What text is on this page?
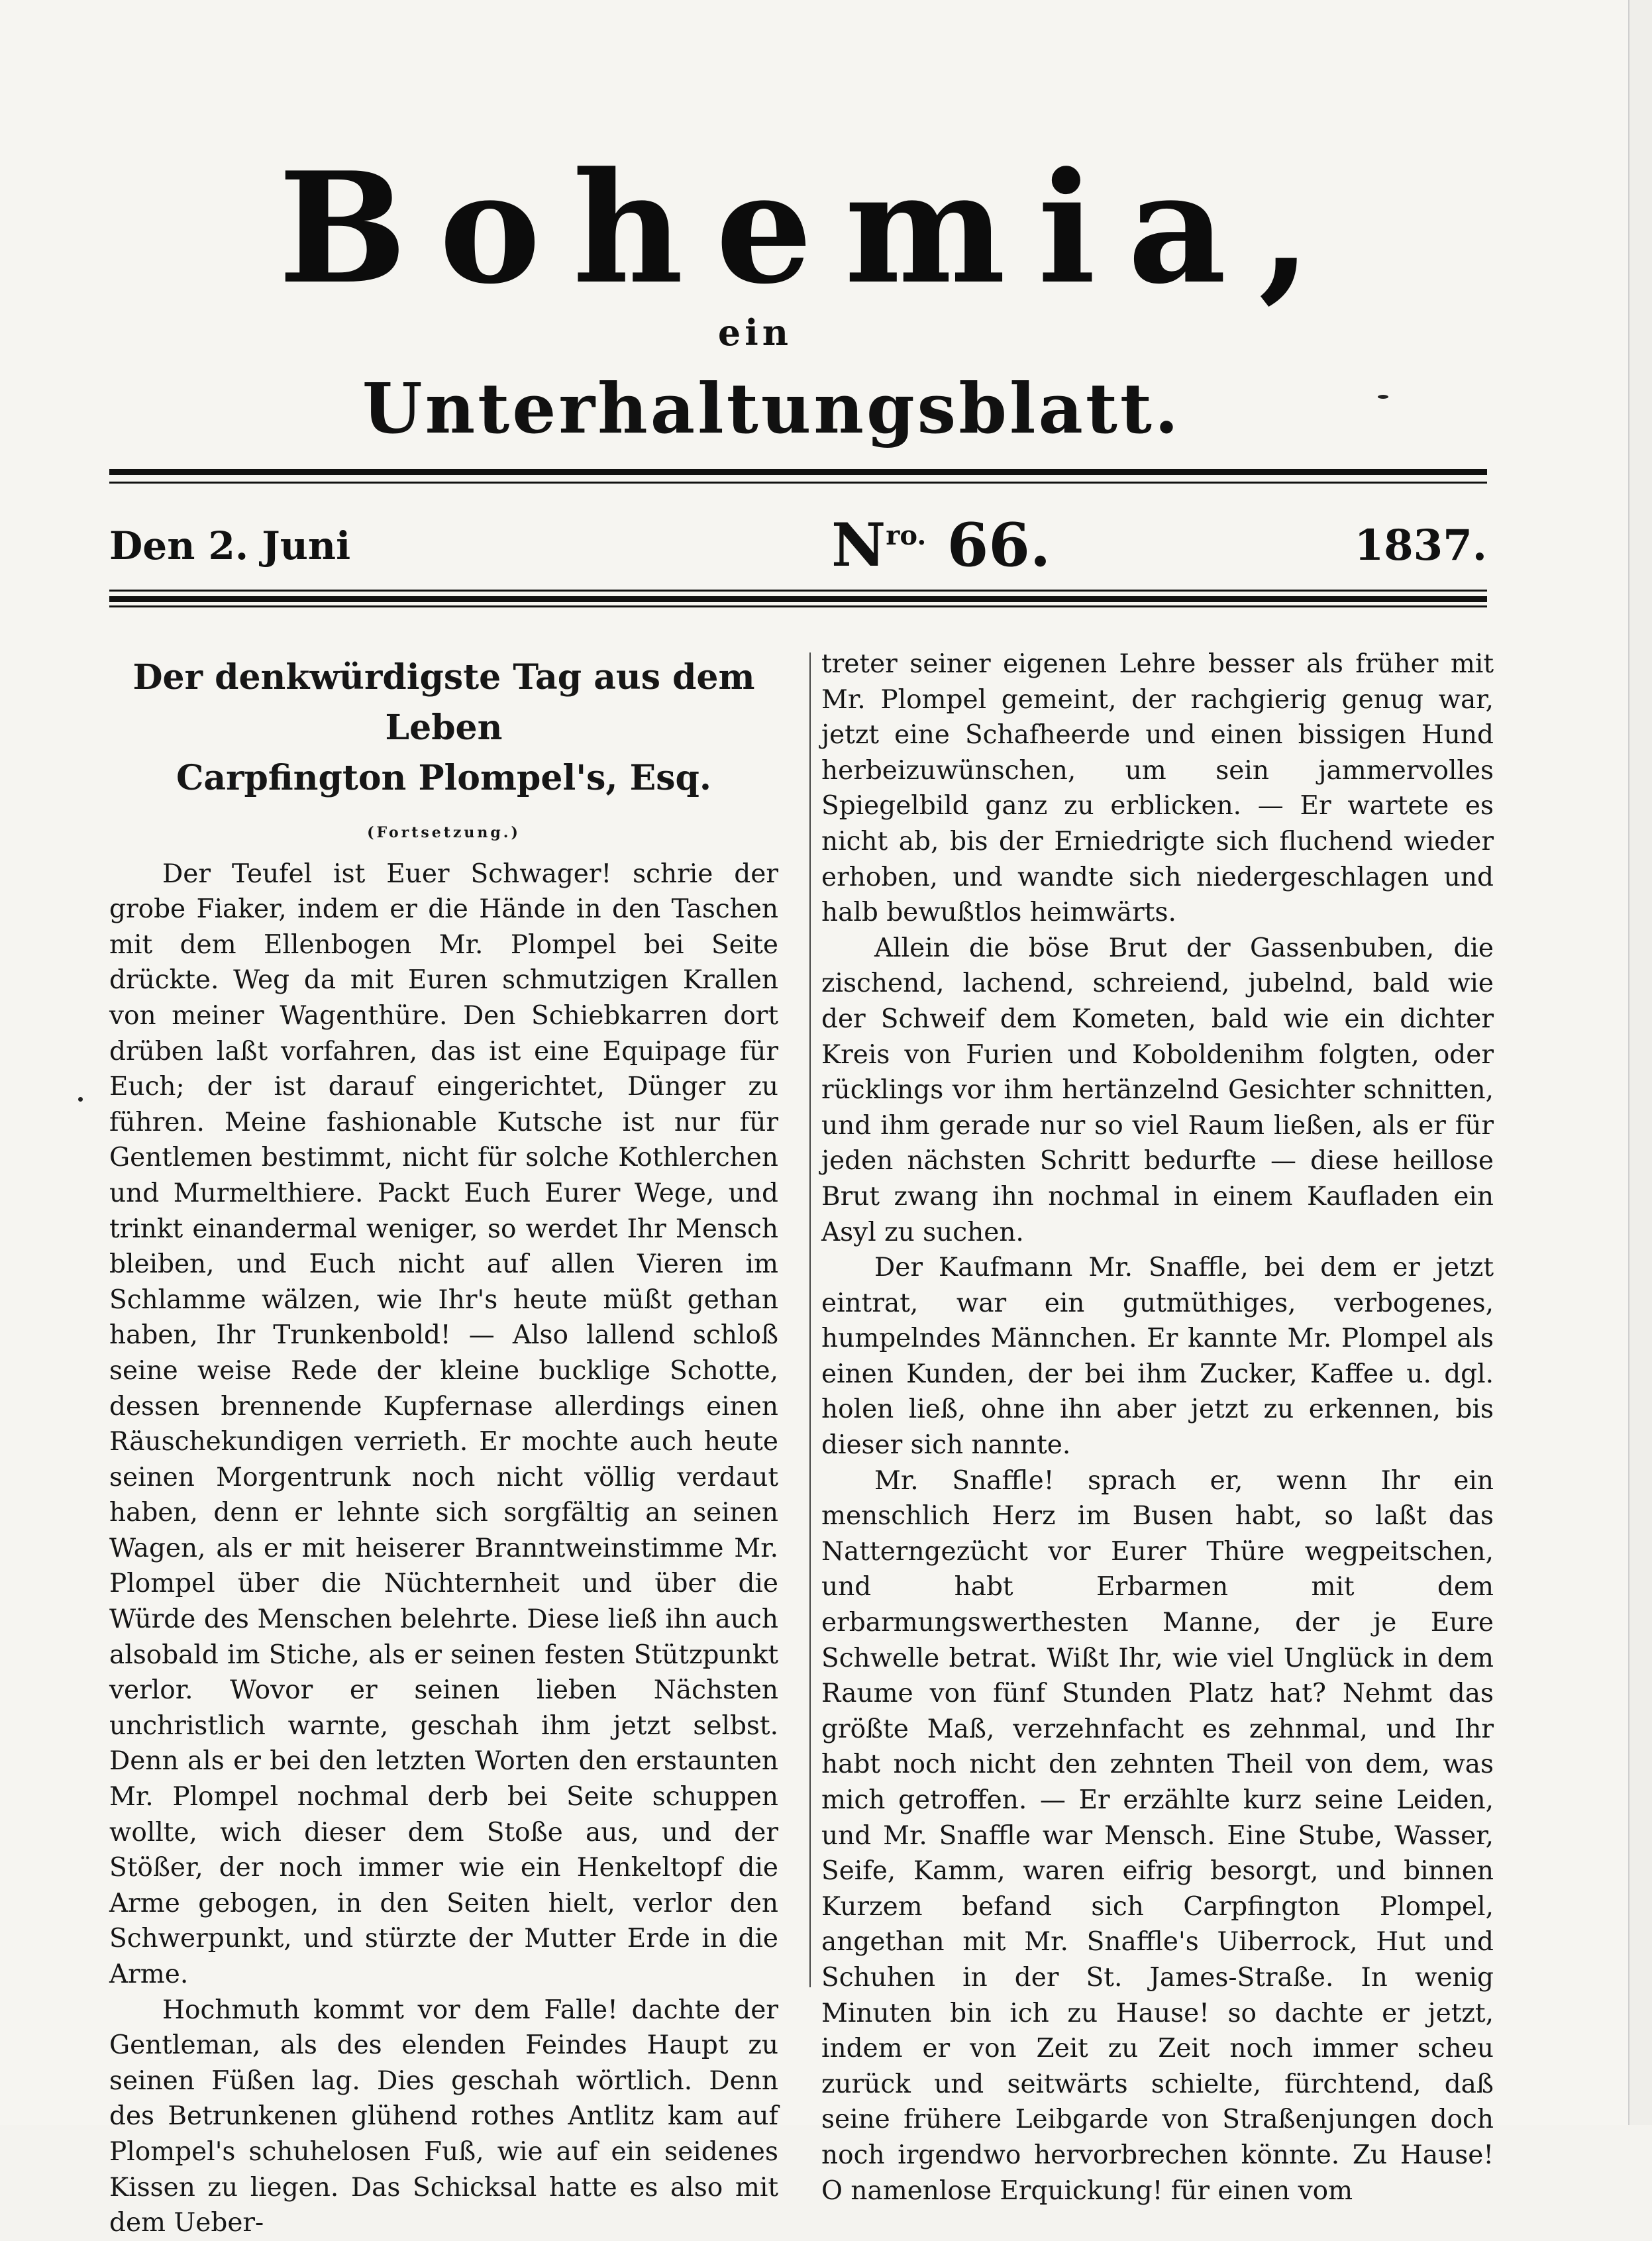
B o h e m i a ,
ein
Unterhaltungsblatt.
Den 2. Juni	$N^{ro.}$ 66.	1837.
Der denkwürdigste Tag aus dem Leben
Carpfington Plompel's, Esq.
(Fortsetzung.)

Der Teufel ist Euer Schwager! schrie der grobe Fiaker, indem er die Hände in den Taschen mit dem Ellenbogen Mr. Plompel bei Seite drückte. Weg da mit Euren schmutzigen Krallen von meiner Wagenthüre. Den Schiebkarren dort drüben laßt vorfahren, das ist eine Equipage für Euch; der ist darauf eingerichtet, Dünger zu führen. Meine fashionable Kutsche ist nur für Gentlemen bestimmt, nicht für solche Kothlerchen und Murmelthiere. Packt Euch Eurer Wege, und trinkt einandermal weniger, so werdet Ihr Mensch bleiben, und Euch nicht auf allen Vieren im Schlamme wälzen, wie Ihr's heute müßt gethan haben, Ihr Trunkenbold! — Also lallend schloß seine weise Rede der kleine bucklige Schotte, dessen brennende Kupfernase allerdings einen Räuschekundigen verrieth. Er mochte auch heute seinen Morgentrunk noch nicht völlig verdaut haben, denn er lehnte sich sorgfältig an seinen Wagen, als er mit heiserer Branntweinstimme Mr. Plompel über die Nüchternheit und über die Würde des Menschen belehrte. Diese ließ ihn auch alsobald im Stiche, als er seinen festen Stützpunkt verlor. Wovor er seinen lieben Nächsten unchristlich warnte, geschah ihm jetzt selbst. Denn als er bei den letzten Worten den erstaunten Mr. Plompel nochmal derb bei Seite schuppen wollte, wich dieser dem Stoße aus, und der Stößer, der noch immer wie ein Henkeltopf die Arme gebogen, in den Seiten hielt, verlor den Schwerpunkt, und stürzte der Mutter Erde in die Arme.

Hochmuth kommt vor dem Falle! dachte der Gentleman, als des elenden Feindes Haupt zu seinen Füßen lag. Dies geschah wörtlich. Denn des Betrunkenen glühend rothes Antlitz kam auf Plompel's schuhelosen Fuß, wie auf ein seidenes Kissen zu liegen. Das Schicksal hatte es also mit dem Ueber-

treter seiner eigenen Lehre besser als früher mit Mr. Plompel gemeint, der rachgierig genug war, jetzt eine Schafheerde und einen bissigen Hund herbeizuwünschen, um sein jammervolles Spiegelbild ganz zu erblicken. — Er wartete es nicht ab, bis der Erniedrigte sich fluchend wieder erhoben, und wandte sich niedergeschlagen und halb bewußtlos heimwärts.

Allein die böse Brut der Gassenbuben, die zischend, lachend, schreiend, jubelnd, bald wie der Schweif dem Kometen, bald wie ein dichter Kreis von Furien und Koboldenihm folgten, oder rücklings vor ihm hertänzelnd Gesichter schnitten, und ihm gerade nur so viel Raum ließen, als er für jeden nächsten Schritt bedurfte — diese heillose Brut zwang ihn nochmal in einem Kaufladen ein Asyl zu suchen.

Der Kaufmann Mr. Snaffle, bei dem er jetzt eintrat, war ein gutmüthiges, verbogenes, humpelndes Männchen. Er kannte Mr. Plompel als einen Kunden, der bei ihm Zucker, Kaffee u. dgl. holen ließ, ohne ihn aber jetzt zu erkennen, bis dieser sich nannte.

Mr. Snaffle! sprach er, wenn Ihr ein menschlich Herz im Busen habt, so laßt das Natterngezücht vor Eurer Thüre wegpeitschen, und habt Erbarmen mit dem erbarmungswerthesten Manne, der je Eure Schwelle betrat. Wißt Ihr, wie viel Unglück in dem Raume von fünf Stunden Platz hat? Nehmt das größte Maß, verzehnfacht es zehnmal, und Ihr habt noch nicht den zehnten Theil von dem, was mich getroffen. — Er erzählte kurz seine Leiden, und Mr. Snaffle war Mensch. Eine Stube, Wasser, Seife, Kamm, waren eifrig besorgt, und binnen Kurzem befand sich Carpfington Plompel, angethan mit Mr. Snaffle's Uiberrock, Hut und Schuhen in der St. James-Straße. In wenig Minuten bin ich zu Hause! so dachte er jetzt, indem er von Zeit zu Zeit noch immer scheu zurück und seitwärts schielte, fürchtend, daß seine frühere Leibgarde von Straßenjungen doch noch irgendwo hervorbrechen könnte. Zu Hause! O namenlose Erquickung! für einen vom
